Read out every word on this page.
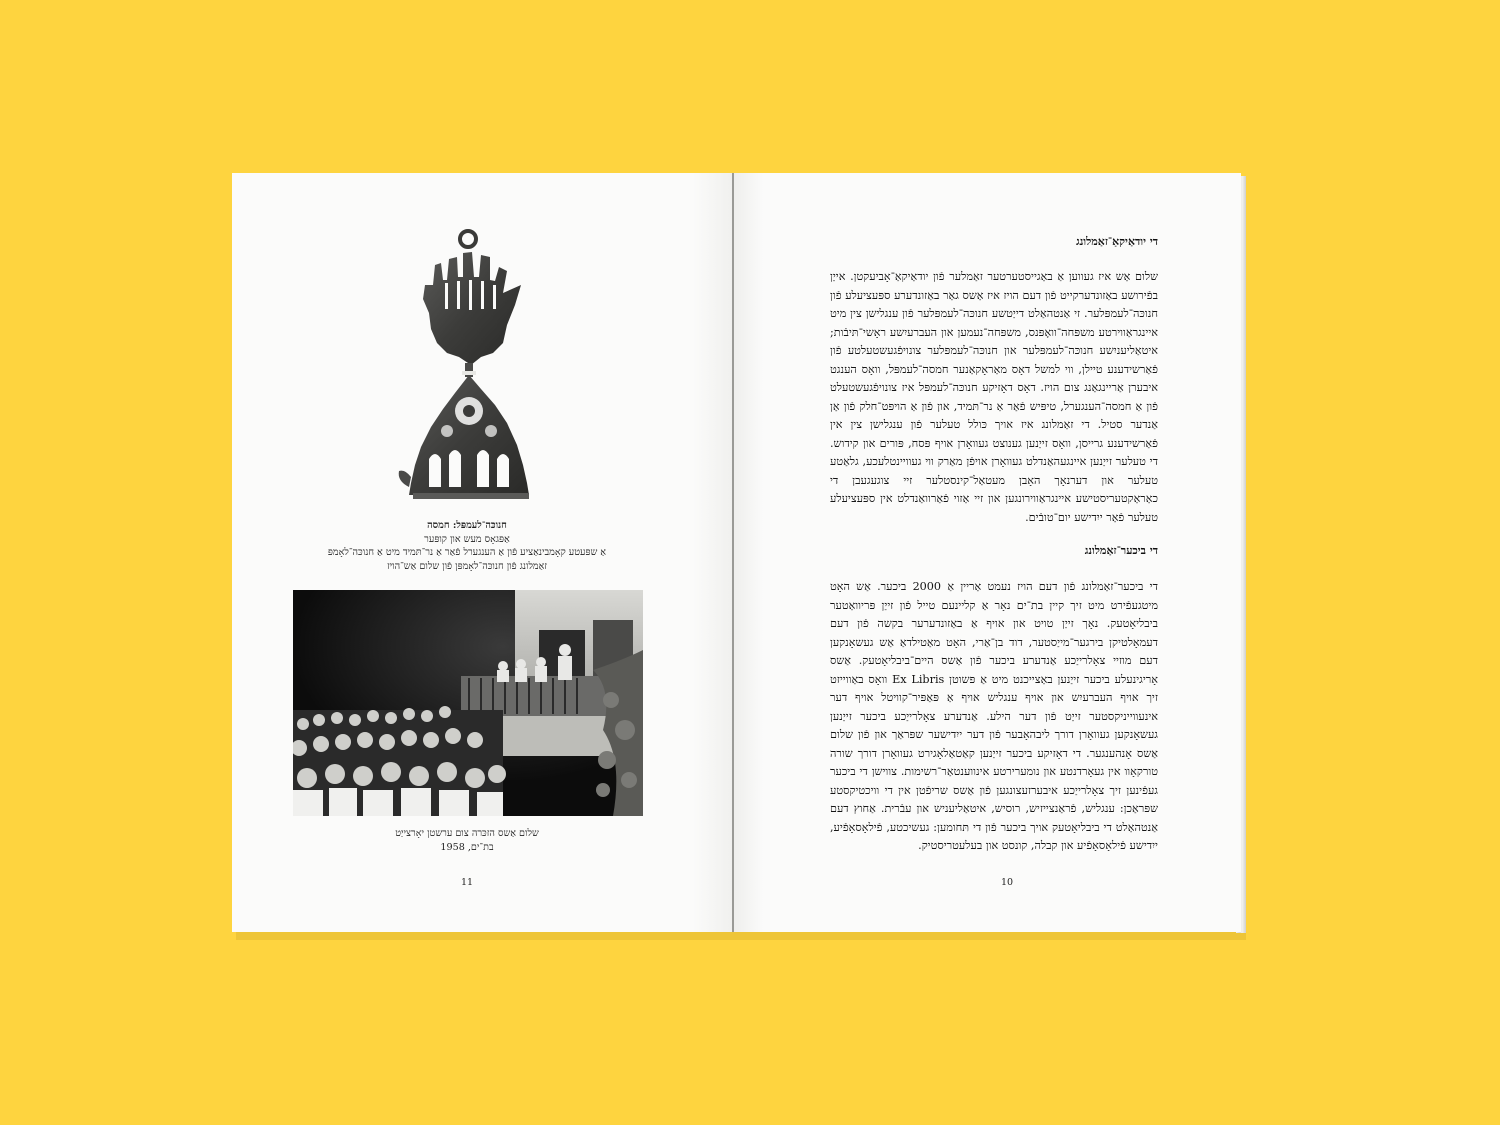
חנוכּה־לעמפּל: חמסה
אַפּגאָס מעש און קופּער
אַ שפּעטע קאָמבינאַציע פֿון אַ הענגערל פֿאַר אַ נר־תּמיד מיט אַ חנוכּה־לאָמפּ
זאַמלונג פֿון חנוכּה־לאָמפּן פֿון שלום אַש־הויז
שלום אַשס הזכּרה צום ערשטן יאָרצייַט
בת־ים, 1958
11
די יודאַיקאַ־זאַמלונג

שלום אַש איז געווען אַ באַגייסטערטער זאַמלער פֿון יודאַיקאַ־אָביעקטן. אייַן בפֿירושע באַזונדערקייט פֿון דעם הויז איז אַשס גאַר באַזונדערע ספּעציעלע פֿון חנוכּה־לעמפּלער. זי אַנטהאַלט דייַטשע חנוכּה־לעמפּלער פֿון ענגלישן צין מיט איינגראַווירטע משפּחה־וואָפּנס, משפּחה־נעמען און העברעיִשע ראָשי־תּיבֿות; איטאַליעניִשע חנוכּה־לעמפּלער און חנוכּה־לעמפּלער צונויפֿגעשטעלטע פֿון פֿאַרשידענע טיילן, ווי למשל דאָס מאַראָקאַנער חמסה־לעמפּל, וואָס הענגט איבערן אַריינגאַנג צום הויז. דאָס דאָזיקע חנוכּה־לעמפּל איז צונויפֿגעשטעלט פֿון אַ חמסה־הענגערל, טיפּיש פֿאַר אַ נר־תּמיד, און פֿון אַ הויפּט־חלק פֿון אַן אַנדער סטיל. די זאַמלונג איז אויך כּולל טעלער פֿון ענגלישן צין אין פֿאַרשידענע גרייסן, וואָס זייַנען גענוצט געוואָרן אויף פּסח, פּורים און קידוש. די טעלער זייַנען איינגעהאַנדלט געוואָרן אויפֿן מאַרק ווי געוויינטלעכע, גלאַטע טעלער און דערנאָך האָבן מעטאַל־קינסטלער זיי צוגעגעבן די כאַראַקטעריסטישע איינגראַווירונגען און זיי אַזוי פֿאַרוואַנדלט אין ספּעציעלע טעלער פֿאַר ייִדישע יום־טובֿים.

די ביכער־זאַמלונג

די ביכער־זאַמלונג פֿון דעם הויז נעמט אַריין אַ 2000 ביכער. אַש האָט מיטגעפֿירט מיט זיך קיין בת־ים נאָר אַ קליינעם טייל פֿון זייַן פּריוואַטער ביבליאָטעק. נאָך זייַן טויט און אויף אַ באַזונדערער בקשה פֿון דעם דעמאָלטיקן בירגער־מייַסטער, דוד בן־אַרי, האָט מאַטילדאַ אַש געשאָנקען דעם מוזיי צאָלרייַכע אַנדערע ביכער פֿון אַשס היים־ביבליאָטעק. אַשס אָריגינעלע ביכער זייַנען באַצייכנט מיט אַ פּשוטן Ex Libris וואָס באַווייזט זיך אויף העברעיִש און אויף ענגליש אויף אַ פּאַפּיר־קוויטל אויף דער אינעווייניקסטער זייַט פֿון דער הילע. אַנדערע צאָלרייַכע ביכער זייַנען געשאָנקען געוואָרן דורך ליבהאָבער פֿון דער ייִדישער שפּראַך און פֿון שלום אַשס אָנהענגער. די דאָזיקע ביכער זייַנען קאַטאַלאָגירט געוואָרן דורך שורה טורקאָוו אין געאָרדנטע און נומערירטע אינווענטאַר־רשימות. צווישן די ביכער געפֿינען זיך צאָלרייַכע איבערזעצונגען פֿון אַשס שריפֿטן אין די וויכטיקסטע שפּראַכן: ענגליש, פֿראַנצייזיש, רוסיש, איטאַליעניש און עבֿרית. אַחוץ דעם אַנטהאַלט די ביבליאָטעק אויך ביכער פֿון די תּחומען: געשיכטע, פֿילאָסאָפֿיע, ייִדישע פֿילאָסאָפֿיע און קבלה, קונסט און בעלעטריסטיק.

10
